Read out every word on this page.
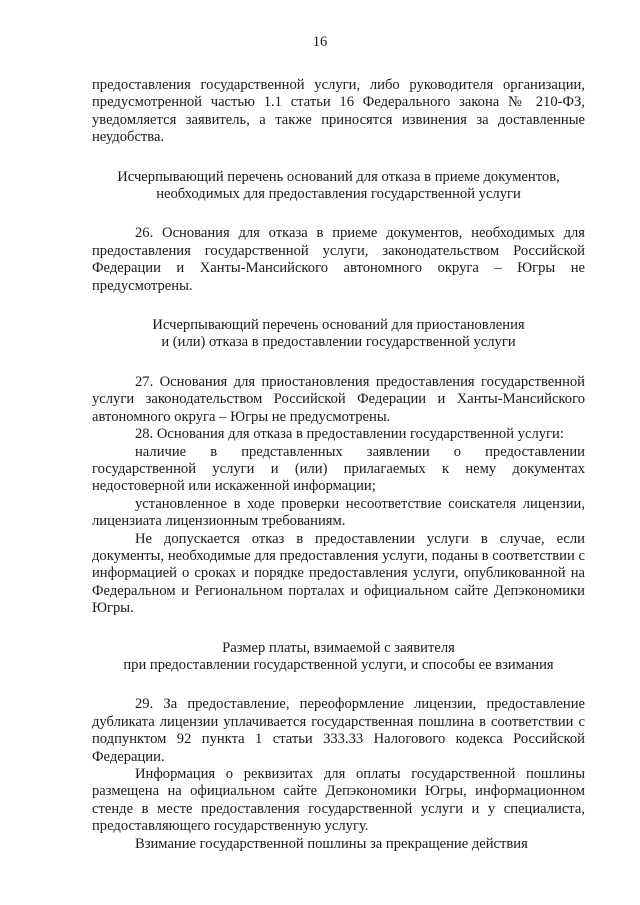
16

предоставления государственной услуги, либо руководителя организации, предусмотренной частью 1.1 статьи 16 Федерального закона № 210-ФЗ, уведомляется заявитель, а также приносятся извинения за доставленные неудобства.

Исчерпывающий перечень оснований для отказа в приеме документов,

необходимых для предоставления государственной услуги

26. Основания для отказа в приеме документов, необходимых для предоставления государственной услуги, законодательством Российской Федерации и Ханты-Мансийского автономного округа – Югры не предусмотрены.

Исчерпывающий перечень оснований для приостановления

и (или) отказа в предоставлении государственной услуги

27. Основания для приостановления предоставления государственной услуги законодательством Российской Федерации и Ханты-Мансийского автономного округа – Югры не предусмотрены.

28. Основания для отказа в предоставлении государственной услуги:

наличие в представленных заявлении о предоставлении государственной услуги и (или) прилагаемых к нему документах недостоверной или искаженной информации;

установленное в ходе проверки несоответствие соискателя лицензии, лицензиата лицензионным требованиям.

Не допускается отказ в предоставлении услуги в случае, если документы, необходимые для предоставления услуги, поданы в соответствии с информацией о сроках и порядке предоставления услуги, опубликованной на Федеральном и Региональном порталах и официальном сайте Депэкономики Югры.

Размер платы, взимаемой с заявителя

при предоставлении государственной услуги, и способы ее взимания

29. За предоставление, переоформление лицензии, предоставление дубликата лицензии уплачивается государственная пошлина в соответствии с подпунктом 92 пункта 1 статьи 333.33 Налогового кодекса Российской Федерации.

Информация о реквизитах для оплаты государственной пошлины размещена на официальном сайте Депэкономики Югры, информационном стенде в месте предоставления государственной услуги и у специалиста, предоставляющего государственную услугу.

Взимание государственной пошлины за прекращение действия
